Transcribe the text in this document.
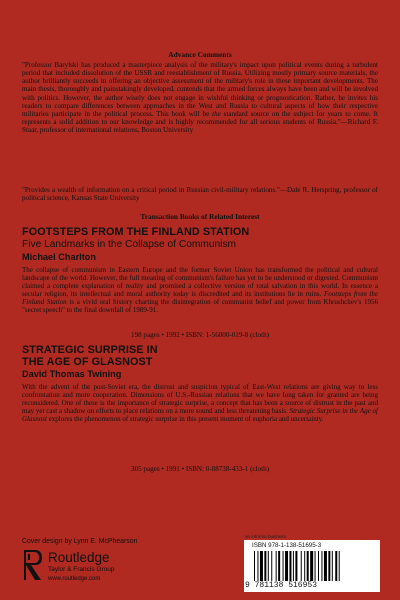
Advance Comments

"Professor Barylski has produced a masterpiece analysis of the military's impact upon political events during a turbulent period that included dissolution of the USSR and reestablishment of Russia. Utilizing mostly primary source materials, the author brilliantly succeeds in offering an objective assessment of the military's role in these important developments. The main thesis, thoroughly and painstakingly developed, contends that the armed forces always have been and will be involved with politics. However, the author wisely does not engage in wishful thinking or prognostication. Rather, he invites his readers to compare differences between approaches in the West and Russia to cultural aspects of how their respective militaries participate in the political process. This book will be the standard source on the subject for years to come. It represents a solid addition to our knowledge and is highly recommended for all serious students of Russia."—Richard F. Staar, professor of international relations, Boston University

"Provides a wealth of information on a critical period in Russian civil-military relations."—Dale R. Herspring, professor of political science, Kansas State University

Transaction Books of Related Interest
FOOTSTEPS FROM THE FINLAND STATION

Five Landmarks in the Collapse of Communism

Michael Charlton

The collapse of communism in Eastern Europe and the former Soviet Union has transformed the political and cultural landscape of the world. However, the full meaning of communism's failure has yet to be understood or digested. Communism claimed a complete explanation of reality and promised a collective version of total salvation in this world. In essence a secular religion, its intellectual and moral authority today is discredited and its institutions lie in ruins. Footsteps from the Finland Station is a vivid oral history charting the disintegration of communist belief and power from Khrushchev's 1956 "secret speech" to the final downfall of 1989-91.

198 pages • 1992 • ISBN: 1-56000-019-8 (cloth)

STRATEGIC SURPRISE IN
THE AGE OF GLASNOST

David Thomas Twining

With the advent of the post-Soviet era, the distrust and suspicion typical of East-West relations are giving way to less confrontation and more cooperation. Dimensions of U.S.-Russian relations that we have long taken for granted are being reconsidered. One of these is the importance of strategic surprise, a concept that has been a source of distrust in the past and may yet cast a shadow on efforts to place relations on a more sound and less threatening basis. Strategic Surprise in the Age of Glasnost explores the phenomenon of strategic surprise in this present moment of euphoria and uncertainty.

305 pages • 1991 • ISBN: 0-88738-433-1 (cloth)

Cover design by Lynn E. McPhearson

Routledge

Taylor & Francis Group

www.routledge.com

an informa business

ISBN 978-1-138-51695-3

9 781138 516953
